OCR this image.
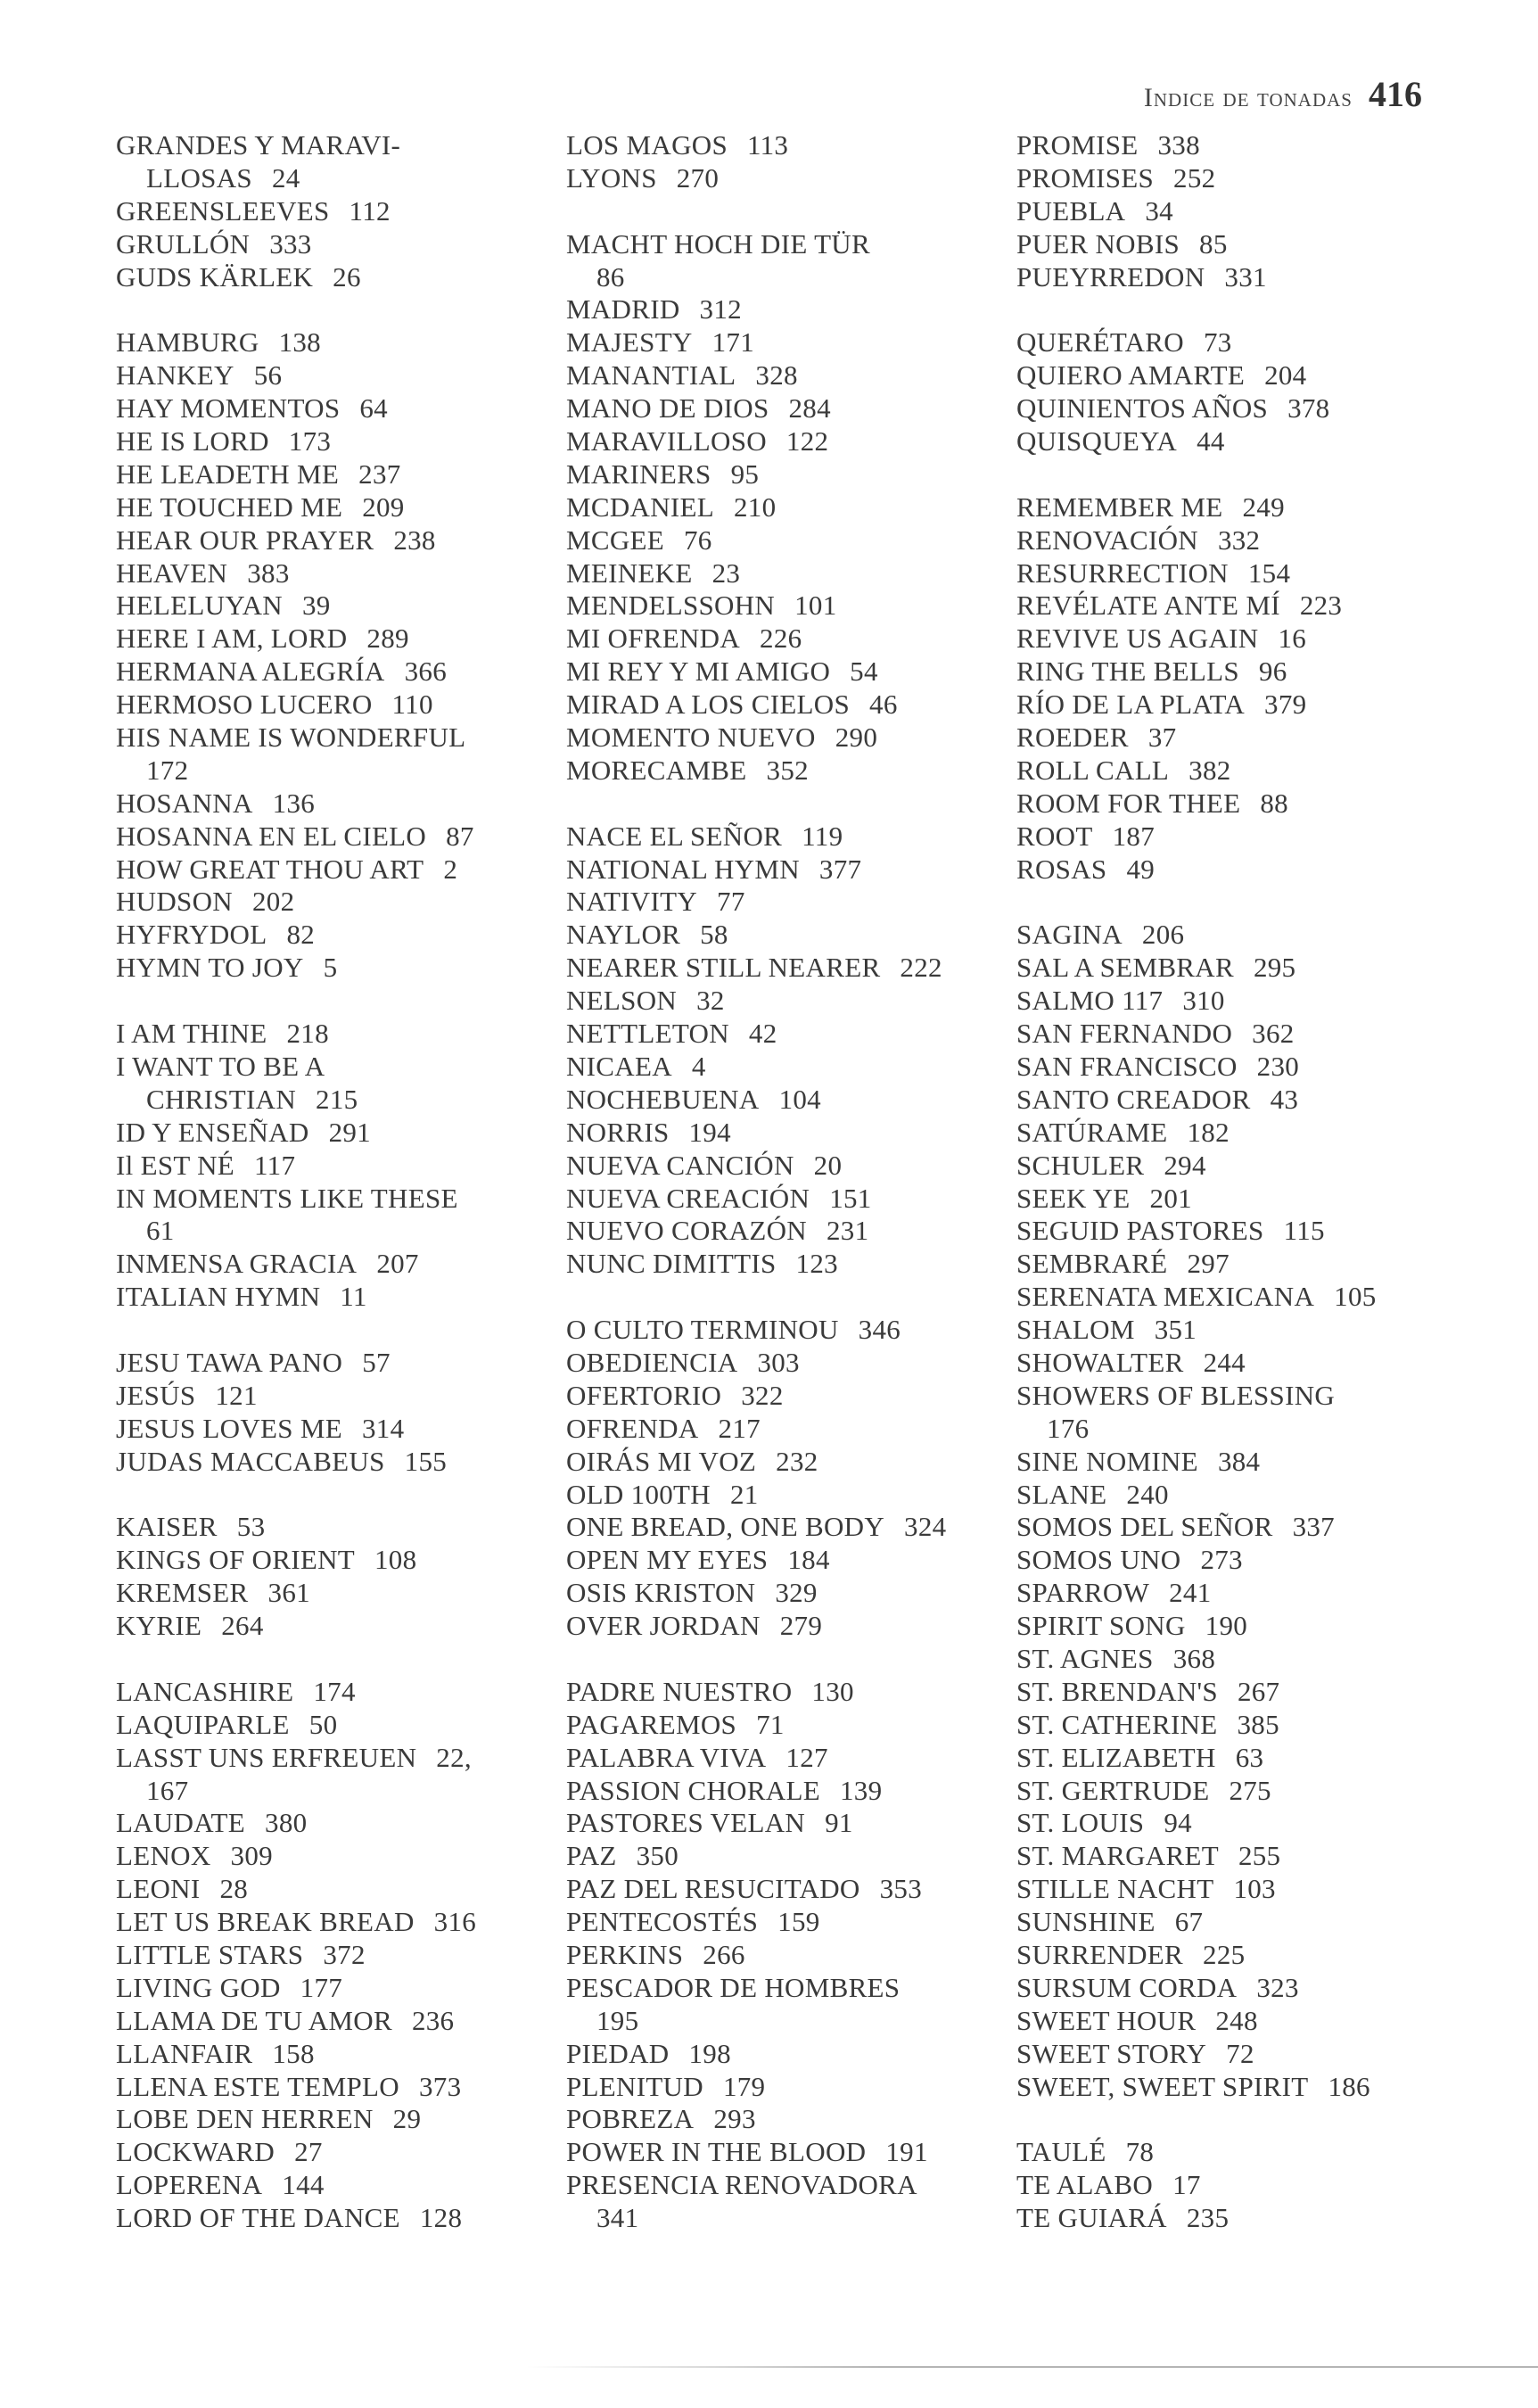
Indice de tonadas 416
GRANDES Y MARAVI-
LLOSAS 24
GREENSLEEVES 112
GRULLÓN 333
GUDS KÄRLEK 26
HAMBURG 138
HANKEY 56
HAY MOMENTOS 64
HE IS LORD 173
HE LEADETH ME 237
HE TOUCHED ME 209
HEAR OUR PRAYER 238
HEAVEN 383
HELELUYAN 39
HERE I AM, LORD 289
HERMANA ALEGRÍA 366
HERMOSO LUCERO 110
HIS NAME IS WONDERFUL
172
HOSANNA 136
HOSANNA EN EL CIELO 87
HOW GREAT THOU ART 2
HUDSON 202
HYFRYDOL 82
HYMN TO JOY 5
I AM THINE 218
I WANT TO BE A
CHRISTIAN 215
ID Y ENSEÑAD 291
Il EST NÉ 117
IN MOMENTS LIKE THESE
61
INMENSA GRACIA 207
ITALIAN HYMN 11
JESU TAWA PANO 57
JESÚS 121
JESUS LOVES ME 314
JUDAS MACCABEUS 155
KAISER 53
KINGS OF ORIENT 108
KREMSER 361
KYRIE 264
LANCASHIRE 174
LAQUIPARLE 50
LASST UNS ERFREUEN 22,
167
LAUDATE 380
LENOX 309
LEONI 28
LET US BREAK BREAD 316
LITTLE STARS 372
LIVING GOD 177
LLAMA DE TU AMOR 236
LLANFAIR 158
LLENA ESTE TEMPLO 373
LOBE DEN HERREN 29
LOCKWARD 27
LOPERENA 144
LORD OF THE DANCE 128
LOS MAGOS 113
LYONS 270
MACHT HOCH DIE TÜR
86
MADRID 312
MAJESTY 171
MANANTIAL 328
MANO DE DIOS 284
MARAVILLOSO 122
MARINERS 95
MCDANIEL 210
MCGEE 76
MEINEKE 23
MENDELSSOHN 101
MI OFRENDA 226
MI REY Y MI AMIGO 54
MIRAD A LOS CIELOS 46
MOMENTO NUEVO 290
MORECAMBE 352
NACE EL SEÑOR 119
NATIONAL HYMN 377
NATIVITY 77
NAYLOR 58
NEARER STILL NEARER 222
NELSON 32
NETTLETON 42
NICAEA 4
NOCHEBUENA 104
NORRIS 194
NUEVA CANCIÓN 20
NUEVA CREACIÓN 151
NUEVO CORAZÓN 231
NUNC DIMITTIS 123
O CULTO TERMINOU 346
OBEDIENCIA 303
OFERTORIO 322
OFRENDA 217
OIRÁS MI VOZ 232
OLD 100TH 21
ONE BREAD, ONE BODY 324
OPEN MY EYES 184
OSIS KRISTON 329
OVER JORDAN 279
PADRE NUESTRO 130
PAGAREMOS 71
PALABRA VIVA 127
PASSION CHORALE 139
PASTORES VELAN 91
PAZ 350
PAZ DEL RESUCITADO 353
PENTECOSTÉS 159
PERKINS 266
PESCADOR DE HOMBRES
195
PIEDAD 198
PLENITUD 179
POBREZA 293
POWER IN THE BLOOD 191
PRESENCIA RENOVADORA
341
PROMISE 338
PROMISES 252
PUEBLA 34
PUER NOBIS 85
PUEYRREDON 331
QUERÉTARO 73
QUIERO AMARTE 204
QUINIENTOS AÑOS 378
QUISQUEYA 44
REMEMBER ME 249
RENOVACIÓN 332
RESURRECTION 154
REVÉLATE ANTE MÍ 223
REVIVE US AGAIN 16
RING THE BELLS 96
RÍO DE LA PLATA 379
ROEDER 37
ROLL CALL 382
ROOM FOR THEE 88
ROOT 187
ROSAS 49
SAGINA 206
SAL A SEMBRAR 295
SALMO 117 310
SAN FERNANDO 362
SAN FRANCISCO 230
SANTO CREADOR 43
SATÚRAME 182
SCHULER 294
SEEK YE 201
SEGUID PASTORES 115
SEMBRARÉ 297
SERENATA MEXICANA 105
SHALOM 351
SHOWALTER 244
SHOWERS OF BLESSING
176
SINE NOMINE 384
SLANE 240
SOMOS DEL SEÑOR 337
SOMOS UNO 273
SPARROW 241
SPIRIT SONG 190
ST. AGNES 368
ST. BRENDAN'S 267
ST. CATHERINE 385
ST. ELIZABETH 63
ST. GERTRUDE 275
ST. LOUIS 94
ST. MARGARET 255
STILLE NACHT 103
SUNSHINE 67
SURRENDER 225
SURSUM CORDA 323
SWEET HOUR 248
SWEET STORY 72
SWEET, SWEET SPIRIT 186
TAULÉ 78
TE ALABO 17
TE GUIARÁ 235
